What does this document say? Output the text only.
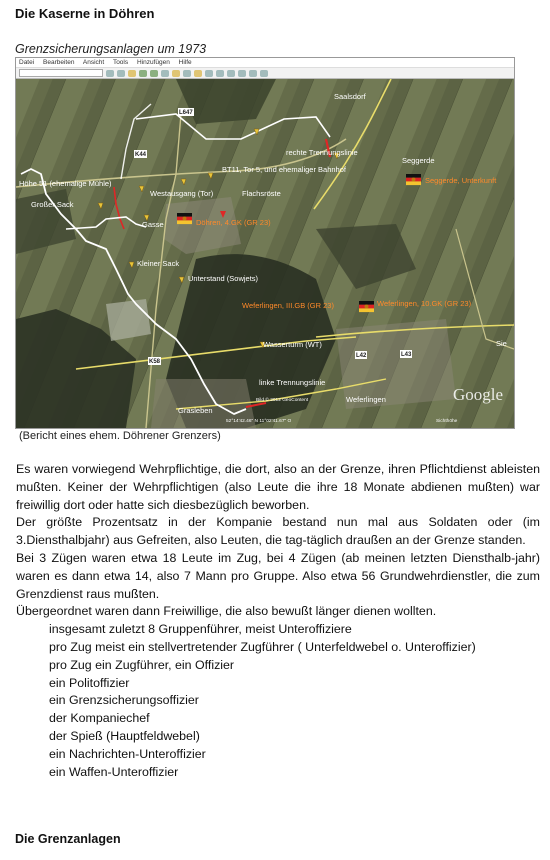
Die Kaserne in Döhren
Grenzsicherungsanlagen um 1973
Datei Bearbeiten Ansicht Tools Hinzufügen Hilfe
L647
K44
K58
L42	L43
Saalsdorf
rechte Trennungslinie
BT11, Tor 5, und ehemaliger Bahnhof
Seggerde
Seggerde, Unterkunft
Höhe 51 (ehemalige Mühle)
Westausgang (Tor)	Flachsröste
Großer Sack
Gasse	Döhren, 4.GK (GR 23)
Kleiner Sack
Unterstand (Sowjets)
Weferlingen, III.GB (GR 23)	Weferlingen, 10.GK (GR 23)
Wasserturm (WT)	Sie
linke Trennungslinie
Weferlingen
Grasleben
Bild © 2012 GeoContent
52°14'42.46" N 11°02'41.67" O	Sichthöhe
Google
(Bericht eines ehem. Döhrener Grenzers)

Es waren vorwiegend Wehrpflichtige, die dort, also an der Grenze, ihren Pflichtdienst ableisten mußten. Keiner der Wehrpflichtigen (also Leute die ihre 18 Monate abdienen mußten) war freiwillig dort oder hatte sich diesbezüglich beworben.

Der größte Prozentsatz in der Kompanie bestand nun mal aus Soldaten oder (im 3.Diensthalbjahr) aus Gefreiten, also Leuten, die tag-täglich draußen an der Grenze standen.

Bei 3 Zügen waren etwa 18 Leute im Zug, bei 4 Zügen (ab meinen letzten Diensthalb-jahr) waren es dann etwa 14, also 7 Mann pro Gruppe. Also etwa 56 Grundwehrdienstler, die zum Grenzdienst raus mußten.

Übergeordnet waren dann Freiwillige, die also bewußt länger dienen wollten.

insgesamt zuletzt 8 Gruppenführer, meist Unteroffiziere
pro Zug meist ein stellvertretender Zugführer ( Unterfeldwebel o. Unteroffizier)
pro Zug ein Zugführer, ein Offizier
ein Politoffizier
ein Grenzsicherungsoffizier
der Kompaniechef
der Spieß (Hauptfeldwebel)
ein Nachrichten-Unteroffizier
ein Waffen-Unteroffizier
Die Grenzanlagen
